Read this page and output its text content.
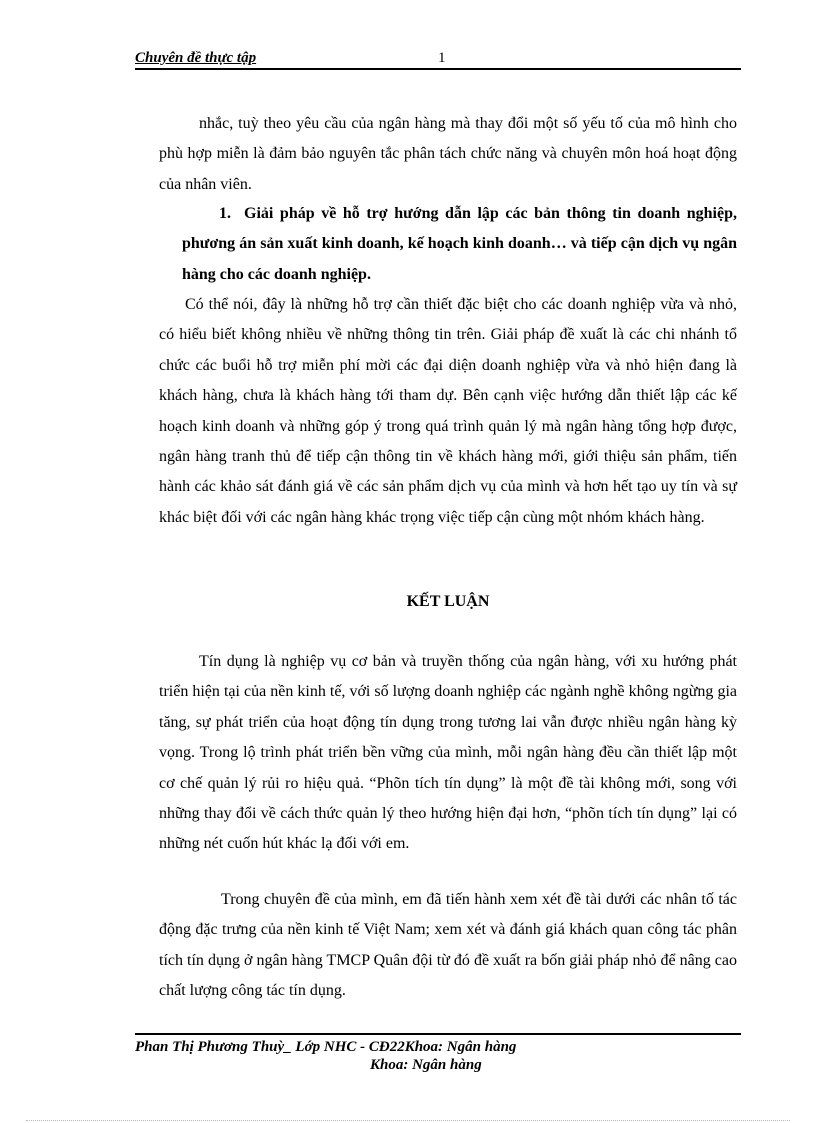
Chuyên đề thực tập	1

nhắc, tuỳ theo yêu cầu của ngân hàng mà thay đổi một số yếu tố của mô hình cho phù hợp miễn là đảm bảo nguyên tắc phân tách chức năng và chuyên môn hoá hoạt động của nhân viên.

1. Giải pháp về hỗ trợ hướng dẫn lập các bản thông tin doanh nghiệp, phương án sản xuất kinh doanh, kế hoạch kinh doanh… và tiếp cận dịch vụ ngân hàng cho các doanh nghiệp.

Có thể nói, đây là những hỗ trợ cần thiết đặc biệt cho các doanh nghiệp vừa và nhỏ, có hiểu biết không nhiều về những thông tin trên. Giải pháp đề xuất là các chi nhánh tổ chức các buổi hỗ trợ miễn phí mời các đại diện doanh nghiệp vừa và nhỏ hiện đang là khách hàng, chưa là khách hàng tới tham dự. Bên cạnh việc hướng dẫn thiết lập các kế hoạch kinh doanh và những góp ý trong quá trình quản lý mà ngân hàng tổng hợp được, ngân hàng tranh thủ để tiếp cận thông tin về khách hàng mới, giới thiệu sản phẩm, tiến hành các khảo sát đánh giá về các sản phẩm dịch vụ của mình và hơn hết tạo uy tín và sự khác biệt đối với các ngân hàng khác trọng việc tiếp cận cùng một nhóm khách hàng.

KẾT LUẬN

Tín dụng là nghiệp vụ cơ bản và truyền thống của ngân hàng, với xu hướng phát triển hiện tại của nền kinh tế, với số lượng doanh nghiệp các ngành nghề không ngừng gia tăng, sự phát triển của hoạt động tín dụng trong tương lai vẫn được nhiều ngân hàng kỳ vọng. Trong lộ trình phát triển bền vững của mình, mỗi ngân hàng đều cần thiết lập một cơ chế quản lý rủi ro hiệu quả. “Phõn tích tín dụng” là một đề tài không mới, song với những thay đổi về cách thức quản lý theo hướng hiện đại hơn, “phõn tích tín dụng” lại có những nét cuốn hút khác lạ đối với em.

Trong chuyên đề của mình, em đã tiến hành xem xét đề tài dưới các nhân tố tác động đặc trưng của nền kinh tế Việt Nam; xem xét và đánh giá khách quan công tác phân tích tín dụng ở ngân hàng TMCP Quân đội từ đó đề xuất ra bốn giải pháp nhỏ để nâng cao chất lượng công tác tín dụng.

Phan Thị Phương Thuỳ_ Lớp NHC - CĐ22Khoa: Ngân hàng
Khoa: Ngân hàng
